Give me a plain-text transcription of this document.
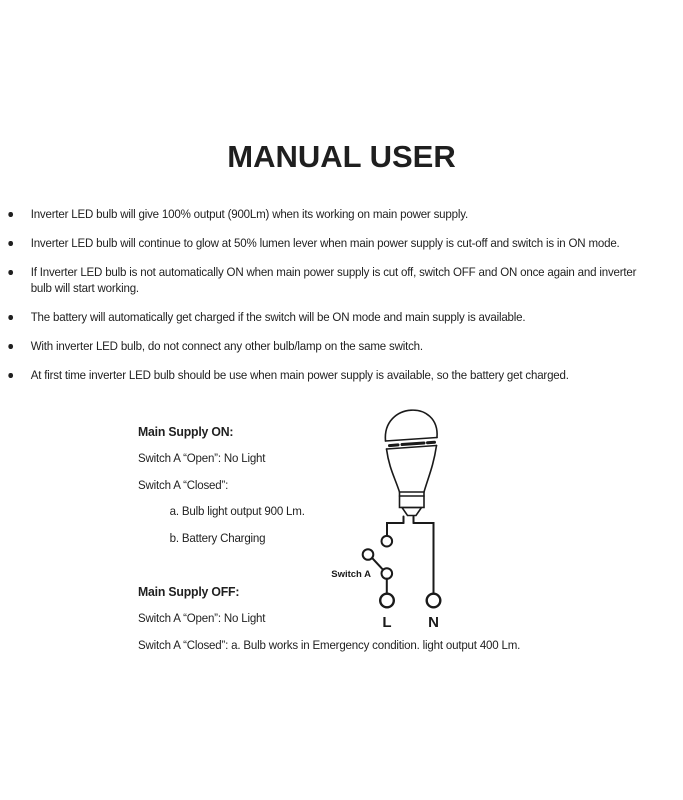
MANUAL USER
Inverter LED bulb will give 100% output (900Lm) when its working on main power supply.
Inverter LED bulb will continue to glow at 50% lumen lever when main power supply is cut-off and switch is in ON mode.
If Inverter LED bulb is not automatically ON when main power supply is cut off, switch OFF and ON once again and inverter bulb will start working.
The battery will automatically get charged if the switch will be ON mode and main supply is available.
With inverter LED bulb, do not connect any other bulb/lamp on the same switch.
At first time inverter LED bulb should be use when main power supply is available, so the battery get charged.
Main Supply ON:
Switch A “Open”: No Light
Switch A “Closed”:
a. Bulb light output 900 Lm.
b. Battery Charging
Main Supply OFF:
Switch A “Open”: No Light
Switch A “Closed”: a. Bulb works in Emergency condition. light output 400 Lm.
Switch A
L N
